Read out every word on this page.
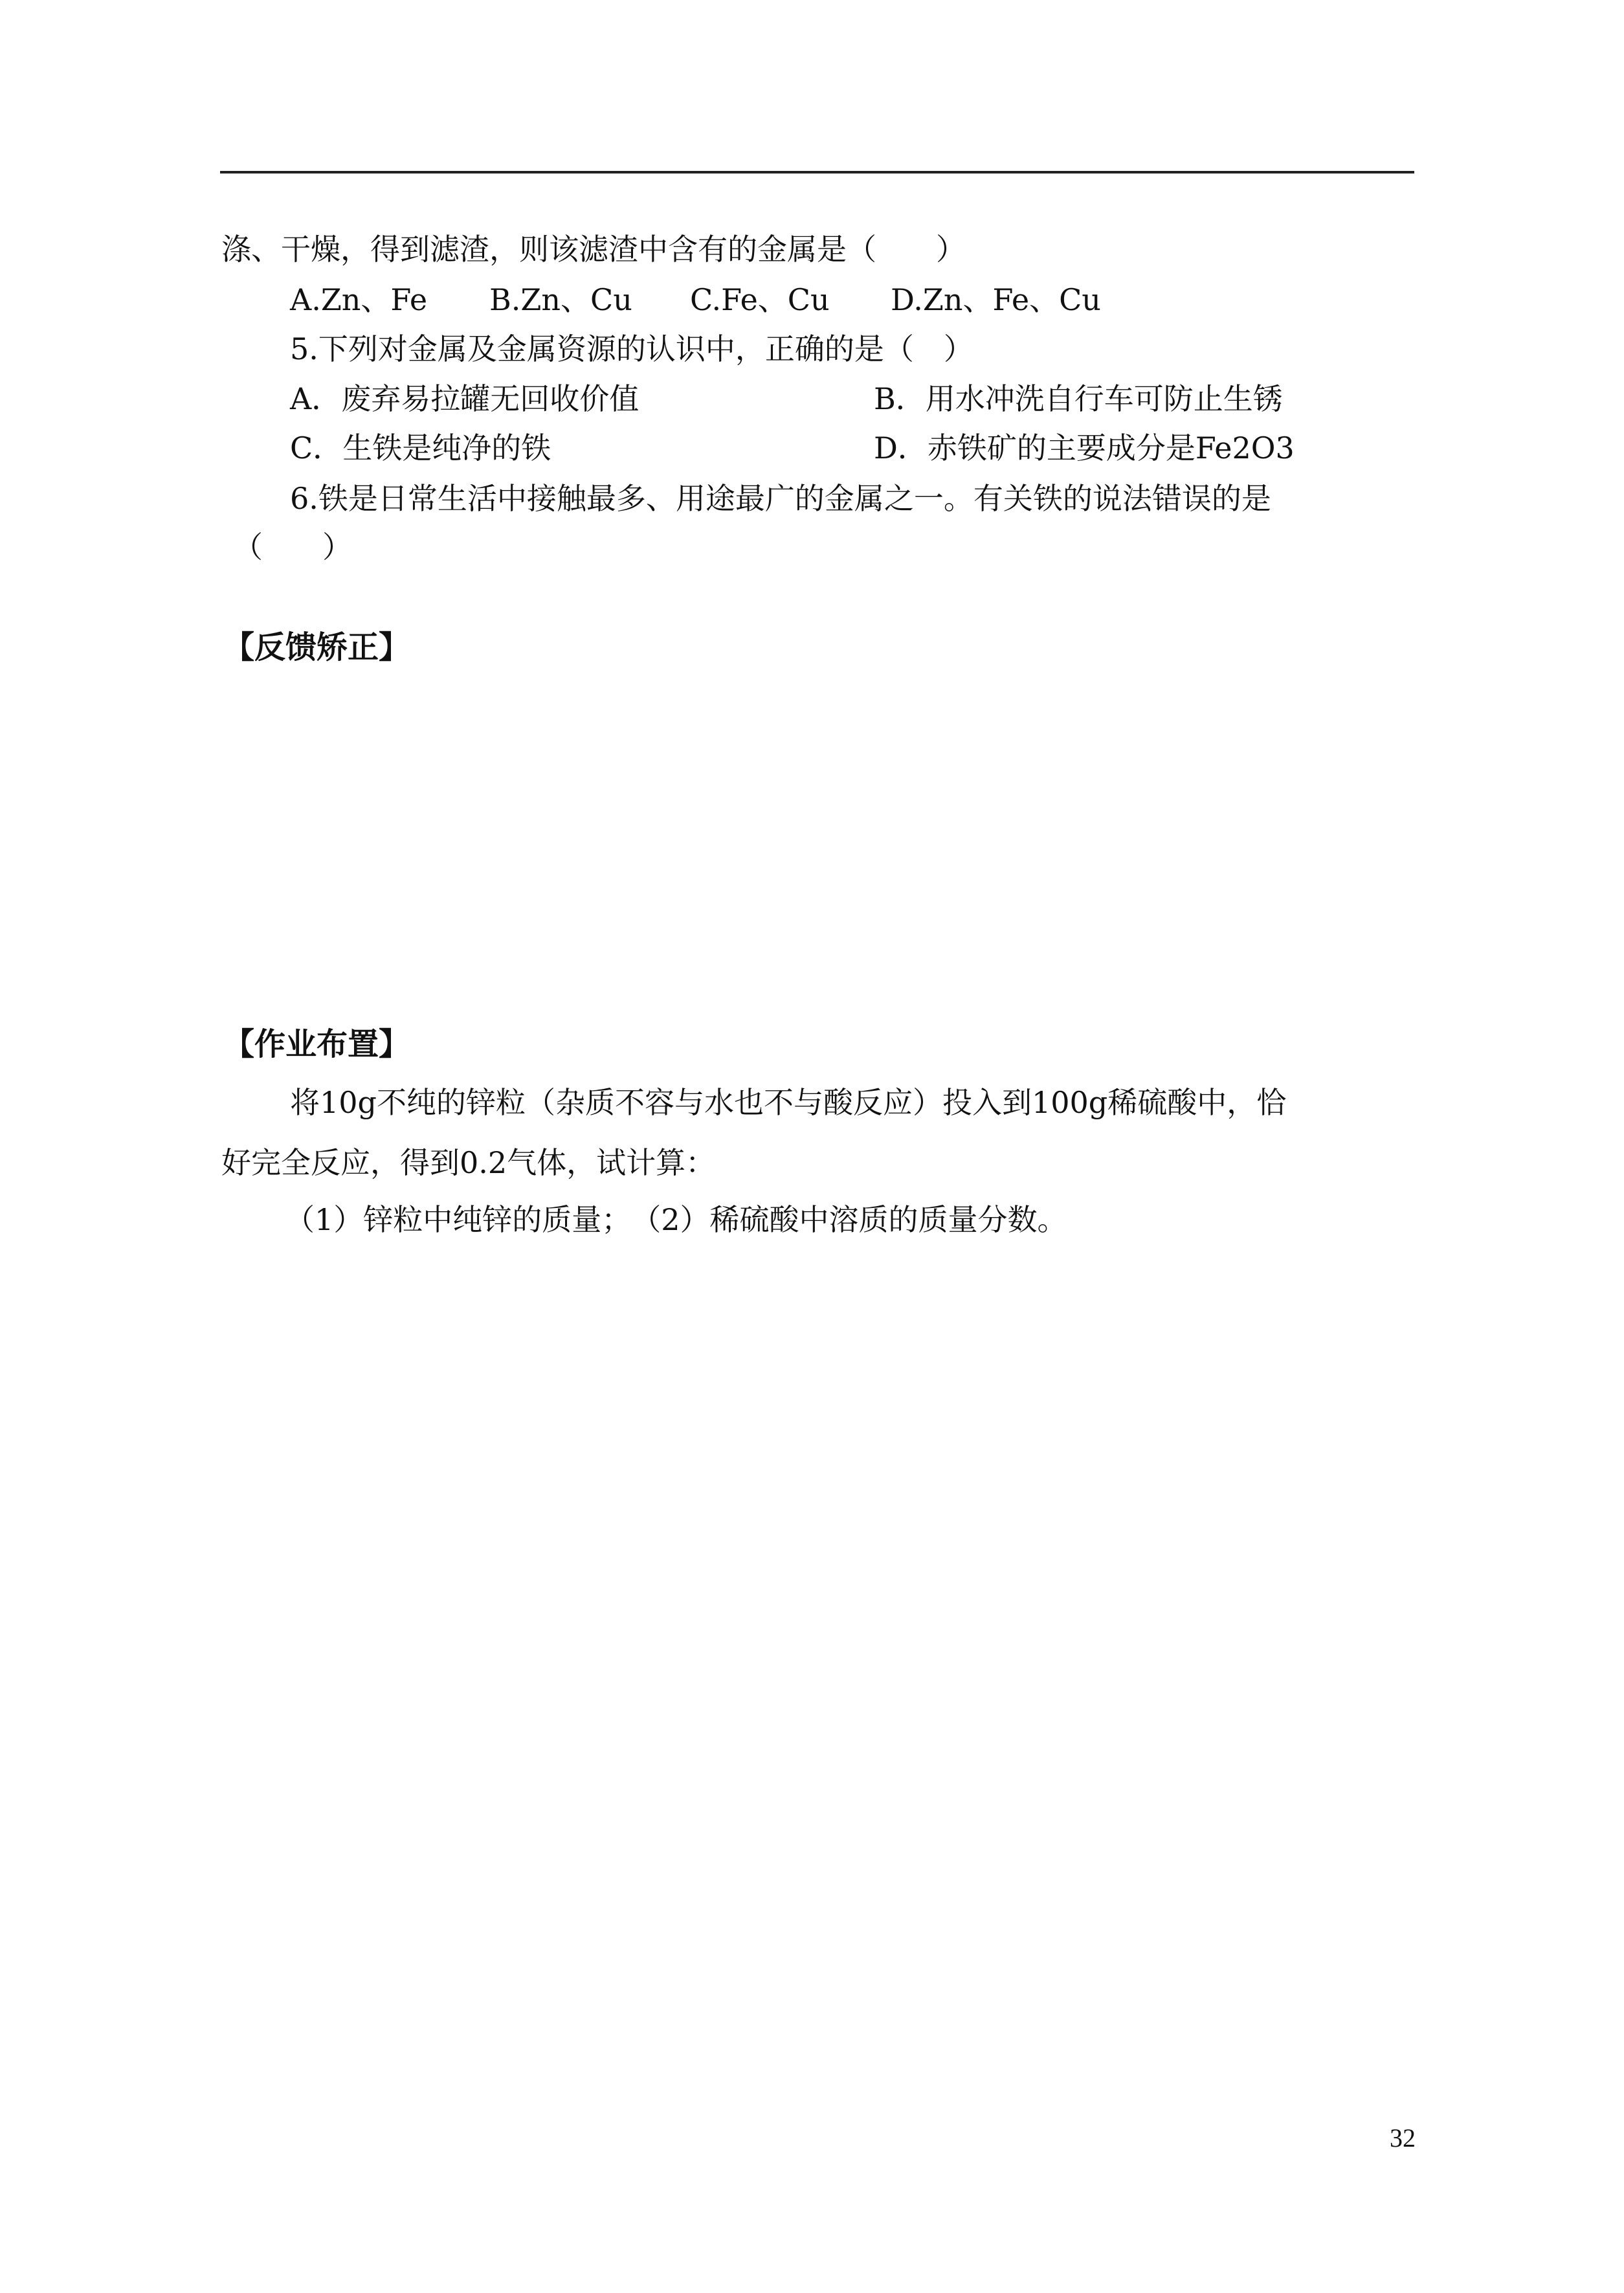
涤、干燥，得到滤渣，则该滤渣中含有的金属是（　　）
A.Zn、Fe B.Zn、Cu C.Fe、Cu D.Zn、Fe、Cu
5.下列对金属及金属资源的认识中，正确的是（　）
A．废弃易拉罐无回收价值	B．用水冲洗自行车可防止生锈
C．生铁是纯净的铁	D．赤铁矿的主要成分是Fe2O3
6.铁是日常生活中接触最多、用途最广的金属之一。有关铁的说法错误的是
（　　）
【反馈矫正】
【作业布置】
将10g不纯的锌粒（杂质不容与水也不与酸反应）投入到100g稀硫酸中，恰
好完全反应，得到0.2气体，试计算：
（1）锌粒中纯锌的质量；　（2）稀硫酸中溶质的质量分数。
32
